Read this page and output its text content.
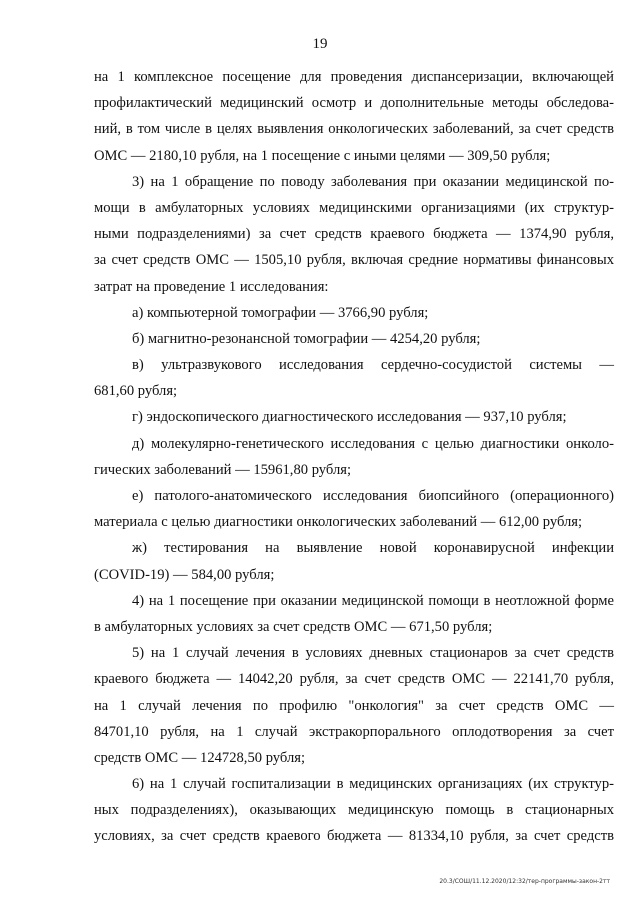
19
на 1 комплексное посещение для проведения диспансеризации, включающей
профилактический медицинский осмотр и дополнительные методы обследова-
ний, в том числе в целях выявления онкологических заболеваний, за счет средств
ОМС — 2180,10 рубля, на 1 посещение с иными целями — 309,50 рубля;
3) на 1 обращение по поводу заболевания при оказании медицинской по-
мощи в амбулаторных условиях медицинскими организациями (их структур-
ными подразделениями) за счет средств краевого бюджета — 1374,90 рубля,
за счет средств ОМС — 1505,10 рубля, включая средние нормативы финансовых
затрат на проведение 1 исследования:
а) компьютерной томографии — 3766,90 рубля;
б) магнитно-резонансной томографии — 4254,20 рубля;
в) ультразвукового исследования сердечно-сосудистой системы —
681,60 рубля;
г) эндоскопического диагностического исследования — 937,10 рубля;
д) молекулярно-генетического исследования с целью диагностики онколо-
гических заболеваний — 15961,80 рубля;
е) патолого-анатомического исследования биопсийного (операционного)
материала с целью диагностики онкологических заболеваний — 612,00 рубля;
ж) тестирования на выявление новой коронавирусной инфекции
(COVID-19) — 584,00 рубля;
4) на 1 посещение при оказании медицинской помощи в неотложной форме
в амбулаторных условиях за счет средств ОМС — 671,50 рубля;
5) на 1 случай лечения в условиях дневных стационаров за счет средств
краевого бюджета — 14042,20 рубля, за счет средств ОМС — 22141,70 рубля,
на 1 случай лечения по профилю "онкология" за счет средств ОМС —
84701,10 рубля, на 1 случай экстракорпорального оплодотворения за счет
средств ОМС — 124728,50 рубля;
6) на 1 случай госпитализации в медицинских организациях (их структур-
ных подразделениях), оказывающих медицинскую помощь в стационарных
условиях, за счет средств краевого бюджета — 81334,10 рубля, за счет средств
20.3/СОШ/11.12.2020/12:32/тер-программы-закон-2тт
